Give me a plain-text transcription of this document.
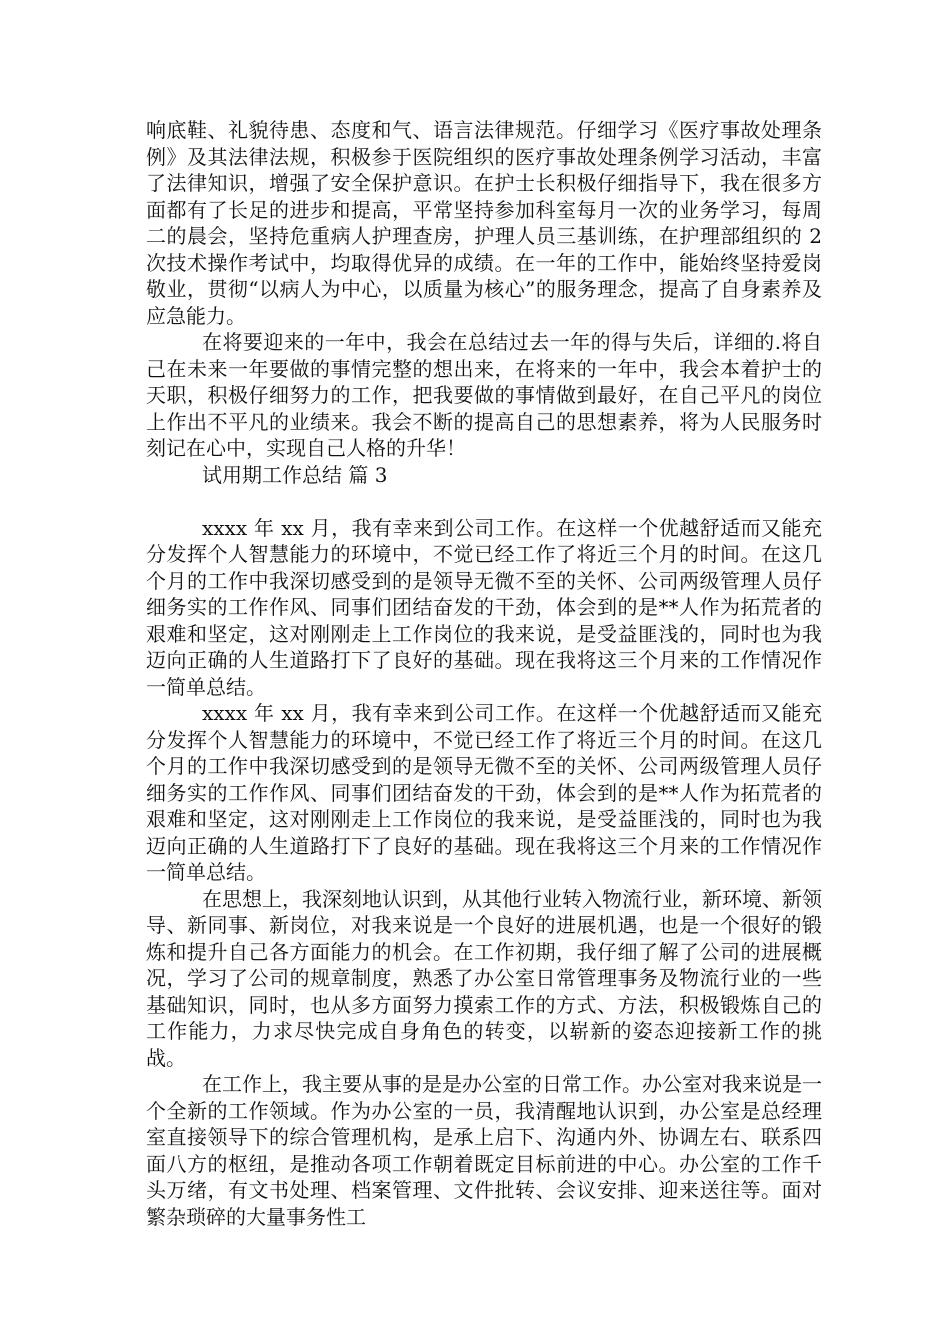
响底鞋、礼貌待患、态度和气、语言法律规范。仔细学习《医疗事故处理条例》及其法律法规，积极参于医院组织的医疗事故处理条例学习活动，丰富了法律知识，增强了安全保护意识。在护士长积极仔细指导下，我在很多方面都有了长足的进步和提高，平常坚持参加科室每月一次的业务学习，每周二的晨会，坚持危重病人护理查房，护理人员三基训练，在护理部组织的 2 次技术操作考试中，均取得优异的成绩。在一年的工作中，能始终坚持爱岗敬业，贯彻“以病人为中心，以质量为核心”的服务理念，提高了自身素养及应急能力。

在将要迎来的一年中，我会在总结过去一年的得与失后，详细的.将自己在未来一年要做的事情完整的想出来，在将来的一年中，我会本着护士的天职，积极仔细努力的工作，把我要做的事情做到最好，在自己平凡的岗位上作出不平凡的业绩来。我会不断的提高自己的思想素养，将为人民服务时刻记在心中，实现自己人格的升华！

试用期工作总结 篇 3

xxxx 年 xx 月，我有幸来到公司工作。在这样一个优越舒适而又能充分发挥个人智慧能力的环境中，不觉已经工作了将近三个月的时间。在这几个月的工作中我深切感受到的是领导无微不至的关怀、公司两级管理人员仔细务实的工作作风、同事们团结奋发的干劲，体会到的是**人作为拓荒者的艰难和坚定，这对刚刚走上工作岗位的我来说，是受益匪浅的，同时也为我迈向正确的人生道路打下了良好的基础。现在我将这三个月来的工作情况作一简单总结。

xxxx 年 xx 月，我有幸来到公司工作。在这样一个优越舒适而又能充分发挥个人智慧能力的环境中，不觉已经工作了将近三个月的时间。在这几个月的工作中我深切感受到的是领导无微不至的关怀、公司两级管理人员仔细务实的工作作风、同事们团结奋发的干劲，体会到的是**人作为拓荒者的艰难和坚定，这对刚刚走上工作岗位的我来说，是受益匪浅的，同时也为我迈向正确的人生道路打下了良好的基础。现在我将这三个月来的工作情况作一简单总结。

在思想上，我深刻地认识到，从其他行业转入物流行业，新环境、新领导、新同事、新岗位，对我来说是一个良好的进展机遇，也是一个很好的锻炼和提升自己各方面能力的机会。在工作初期，我仔细了解了公司的进展概况，学习了公司的规章制度，熟悉了办公室日常管理事务及物流行业的一些基础知识，同时，也从多方面努力摸索工作的方式、方法，积极锻炼自己的工作能力，力求尽快完成自身角色的转变，以崭新的姿态迎接新工作的挑战。

在工作上，我主要从事的是是办公室的日常工作。办公室对我来说是一个全新的工作领域。作为办公室的一员，我清醒地认识到，办公室是总经理室直接领导下的综合管理机构，是承上启下、沟通内外、协调左右、联系四面八方的枢纽，是推动各项工作朝着既定目标前进的中心。办公室的工作千头万绪，有文书处理、档案管理、文件批转、会议安排、迎来送往等。面对繁杂琐碎的大量事务性工
